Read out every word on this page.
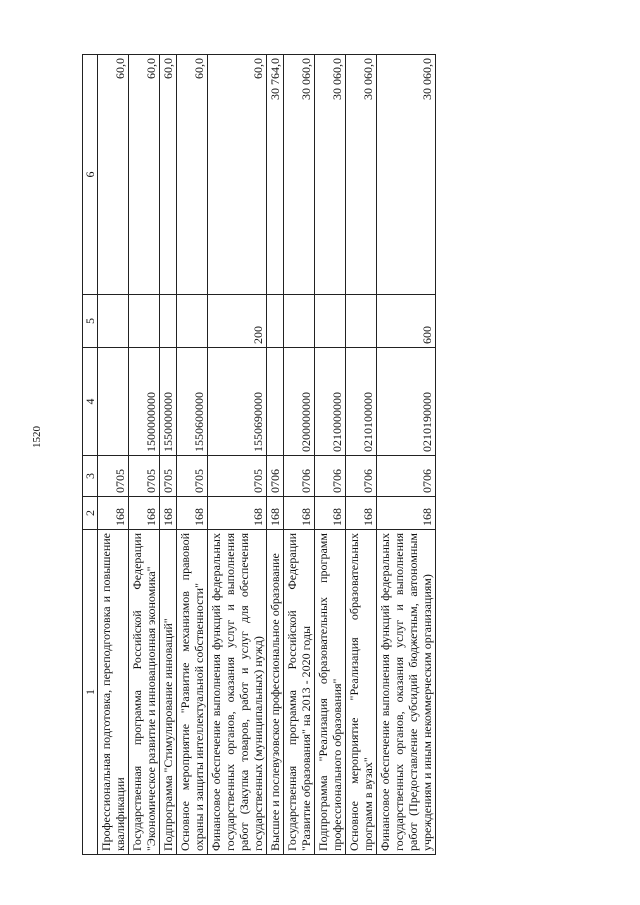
1520
1	2	3	4	5	6
Профессиональная подготовка, переподготовка и повышение квалификации	168	0705			60,0
Государственная программа Российской Федерации "Экономическое развитие и инновационная экономика"	168	0705	1500000000		60,0
Подпрограмма "Стимулирование инноваций"	168	0705	1550000000		60,0
Основное мероприятие "Развитие механизмов правовой охраны и защиты интеллектуальной собственности"	168	0705	1550600000		60,0
Финансовое обеспечение выполнения функций федеральных государственных органов, оказания услуг и выполнения работ (Закупка товаров, работ и услуг для обеспечения государственных (муниципальных) нужд)	168	0705	1550690000	200	60,0
Высшее и послевузовское профессиональное образование	168	0706			30 764,0
Государственная программа Российской Федерации "Развитие образования" на 2013 - 2020 годы	168	0706	0200000000		30 060,0
Подпрограмма "Реализация образовательных программ профессионального образования"	168	0706	0210000000		30 060,0
Основное мероприятие "Реализация образовательных программ в вузах"	168	0706	0210100000		30 060,0
Финансовое обеспечение выполнения функций федеральных государственных органов, оказания услуг и выполнения работ (Предоставление субсидий бюджетным, автономным учреждениям и иным некоммерческим организациям)	168	0706	0210190000	600	30 060,0
